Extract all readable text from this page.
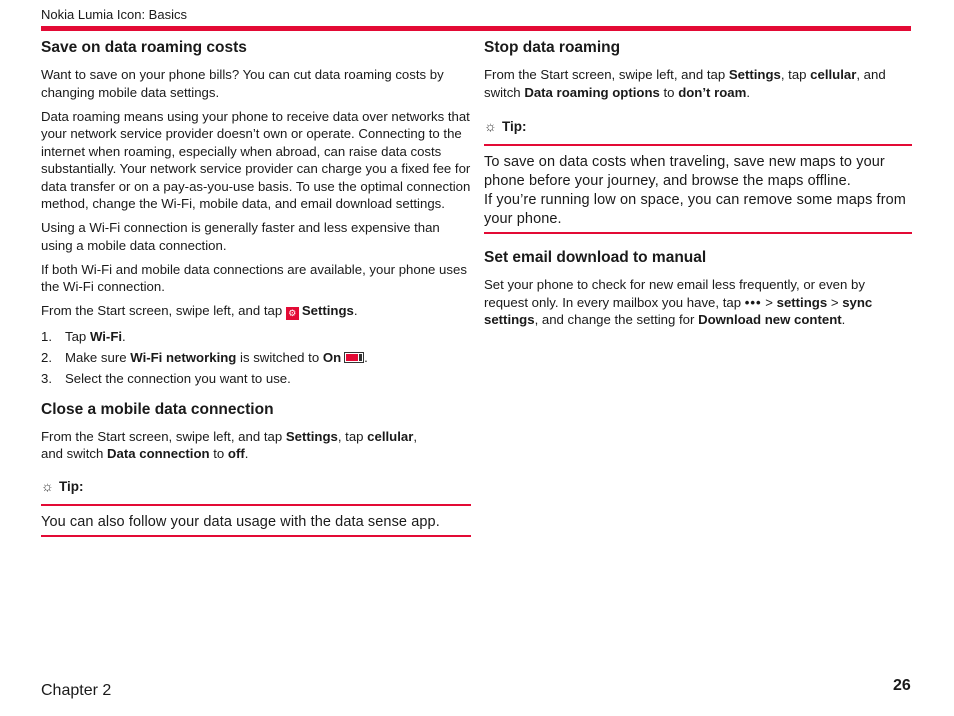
Nokia Lumia Icon: Basics
Save on data roaming costs

Want to save on your phone bills? You can cut data roaming costs by changing mobile data settings.

Data roaming means using your phone to receive data over networks that your network service provider doesn’t own or operate. Connecting to the internet when roaming, especially when abroad, can raise data costs substantially. Your network service provider can charge you a fixed fee for data transfer or on a pay-as-you-use basis. To use the optimal connection method, change the Wi-Fi, mobile data, and email download settings.

Using a Wi-Fi connection is generally faster and less expensive than using a mobile data connection.

If both Wi-Fi and mobile data connections are available, your phone uses the Wi-Fi connection.

From the Start screen, swipe left, and tap ⚙ Settings.

1. Tap Wi-Fi.
2. Make sure Wi-Fi networking is switched to On .
3. Select the connection you want to use.
Close a mobile data connection

From the Start screen, swipe left, and tap Settings, tap cellular,
and switch Data connection to off.

☼ Tip:

You can also follow your data usage with the data sense app.

Stop data roaming

From the Start screen, swipe left, and tap Settings, tap cellular, and
switch Data roaming options to don’t roam.

☼ Tip:

To save on data costs when traveling, save new maps to your phone before your journey, and browse the maps offline.

If you’re running low on space, you can remove some maps from your phone.

Set email download to manual

Set your phone to check for new email less frequently, or even by request only. In every mailbox you have, tap ••• > settings > sync settings, and change the setting for Download new content.

Chapter 2	26
